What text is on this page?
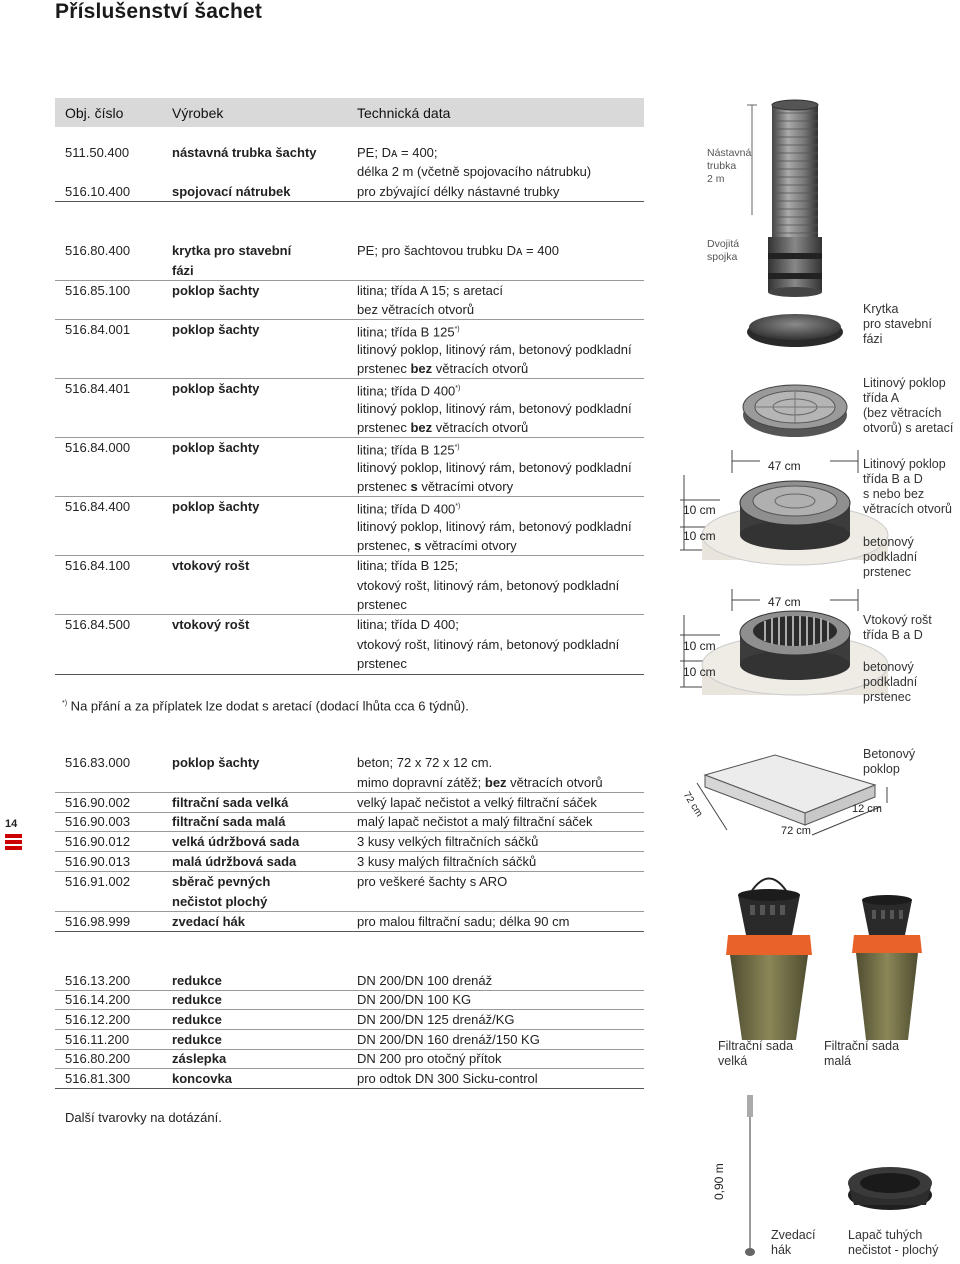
Příslušenství šachet
Obj. číslo	Výrobek	Technická data
511.50.400	nástavná trubka šachty	PE; Dᴀ = 400;
délka 2 m (včetně spojovacího nátrubku)
516.10.400	spojovací nátrubek	pro zbývající délky nástavné trubky
516.80.400	krytka pro stavební	PE; pro šachtovou trubku Dᴀ = 400
fázi
516.85.100	poklop šachty	litina; třída A 15; s aretací
bez větracích otvorů
516.84.001	poklop šachty	litina; třída B 125*)
litinový poklop, litinový rám, betonový podkladní
prstenec bez větracích otvorů
516.84.401	poklop šachty	litina; třída D 400*)
litinový poklop, litinový rám, betonový podkladní
prstenec bez větracích otvorů
516.84.000	poklop šachty	litina; třída B 125*)
litinový poklop, litinový rám, betonový podkladní
prstenec s větracími otvory
516.84.400	poklop šachty	litina; třída D 400*)
litinový poklop, litinový rám, betonový podkladní
prstenec, s větracími otvory
516.84.100	vtokový rošt	litina; třída B 125;
vtokový rošt, litinový rám, betonový podkladní
prstenec
516.84.500	vtokový rošt	litina; třída D 400;
vtokový rošt, litinový rám, betonový podkladní
prstenec
*) Na přání a za příplatek lze dodat s aretací (dodací lhůta cca 6 týdnů).
516.83.000	poklop šachty	beton; 72 x 72 x 12 cm.
mimo dopravní zátěž; bez větracích otvorů
516.90.002	filtrační sada velká	velký lapač nečistot a velký filtrační sáček
516.90.003	filtrační sada malá	malý lapač nečistot a malý filtrační sáček
516.90.012	velká údržbová sada	3 kusy velkých filtračních sáčků
516.90.013	malá údržbová sada	3 kusy malých filtračních sáčků
516.91.002	sběrač pevných	pro veškeré šachty s ARO
nečistot plochý
516.98.999	zvedací hák	pro malou filtrační sadu; délka 90 cm
516.13.200	redukce	DN 200/DN 100 drenáž
516.14.200	redukce	DN 200/DN 100 KG
516.12.200	redukce	DN 200/DN 125 drenáž/KG
516.11.200	redukce	DN 200/DN 160 drenáž/150 KG
516.80.200	záslepka	DN 200 pro otočný přítok
516.81.300	koncovka	pro odtok DN 300 Sicku-control
Další tvarovky na dotázání.
14
Nástavná
trubka
2 m
Dvojitá
spojka
Krytka
pro stavební
fázi
Litinový poklop
třída A
(bez větracích
otvorů) s aretací
Litinový poklop
třída B a D
s nebo bez
větracích otvorů
betonový
podkladní
prstenec
Vtokový rošt
třída B a D
betonový
podkladní
prstenec
Betonový
poklop
Filtrační sada
velká
Filtrační sada
malá
Zvedací
hák
Lapač tuhých
nečistot - plochý
47 cm
10 cm
10 cm
47 cm
10 cm
10 cm
72 cm
72 cm
12 cm
0,90 m
